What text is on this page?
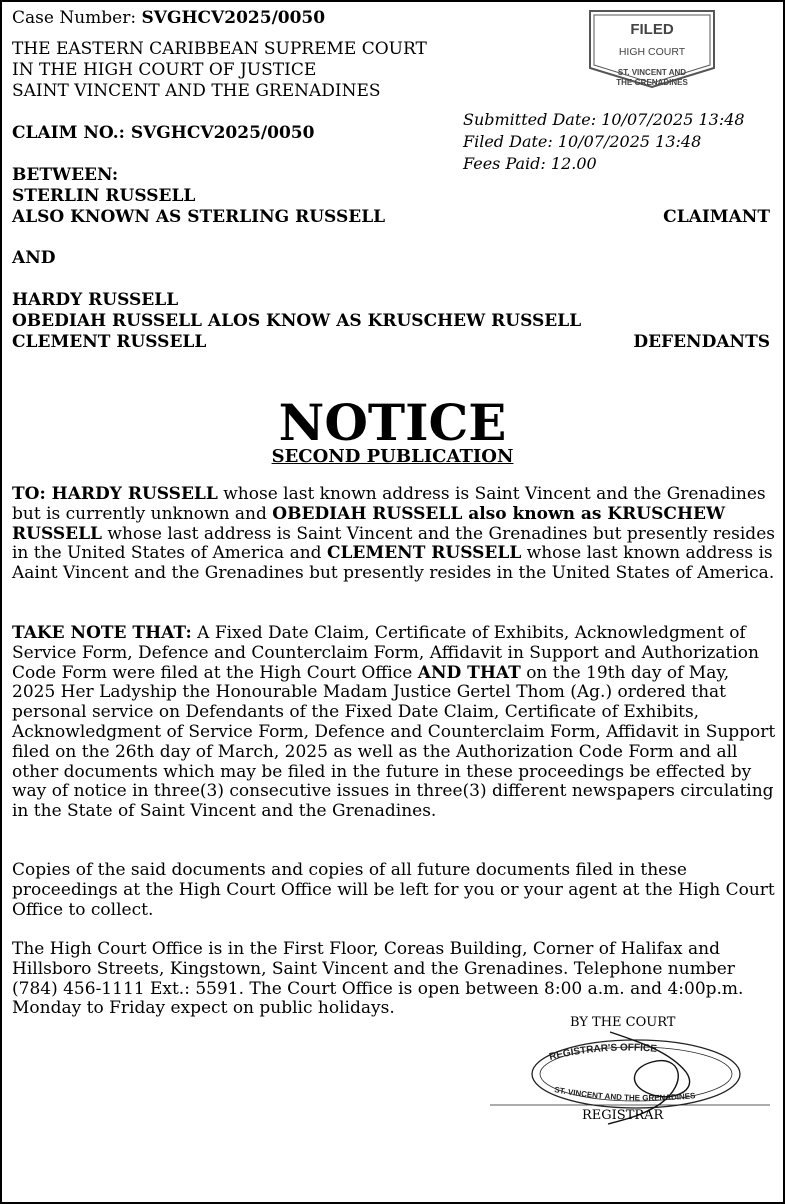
Case Number: SVGHCV2025/0050
THE EASTERN CARIBBEAN SUPREME COURT
IN THE HIGH COURT OF JUSTICE
SAINT VINCENT AND THE GRENADINES
CLAIM NO.: SVGHCV2025/0050
FILED
HIGH COURT
ST. VINCENT AND
THE GRENADINES
Submitted Date: 10/07/2025 13:48
Filed Date: 10/07/2025 13:48
Fees Paid: 12.00
BETWEEN:
STERLIN RUSSELL
ALSO KNOWN AS STERLING RUSSELL	CLAIMANT
AND
HARDY RUSSELL
OBEDIAH RUSSELL ALOS KNOW AS KRUSCHEW RUSSELL
CLEMENT RUSSELL	DEFENDANTS
NOTICE
SECOND PUBLICATION

TO: HARDY RUSSELL whose last known address is Saint Vincent and the Grenadines but is currently unknown and OBEDIAH RUSSELL also known as KRUSCHEW RUSSELL whose last address is Saint Vincent and the Grenadines but presently resides in the United States of America and CLEMENT RUSSELL whose last known address is Aaint Vincent and the Grenadines but presently resides in the United States of America.

TAKE NOTE THAT: A Fixed Date Claim, Certificate of Exhibits, Acknowledgment of Service Form, Defence and Counterclaim Form, Affidavit in Support and Authorization Code Form were filed at the High Court Office AND THAT on the 19th day of May, 2025 Her Ladyship the Honourable Madam Justice Gertel Thom (Ag.) ordered that personal service on Defendants of the Fixed Date Claim, Certificate of Exhibits, Acknowledgment of Service Form, Defence and Counterclaim Form, Affidavit in Support filed on the 26th day of March, 2025 as well as the Authorization Code Form and all other documents which may be filed in the future in these proceedings be effected by way of notice in three(3) consecutive issues in three(3) different newspapers circulating in the State of Saint Vincent and the Grenadines.

Copies of the said documents and copies of all future documents filed in these proceedings at the High Court Office will be left for you or your agent at the High Court Office to collect.

The High Court Office is in the First Floor, Coreas Building, Corner of Halifax and Hillsboro Streets, Kingstown, Saint Vincent and the Grenadines. Telephone number (784) 456-1111 Ext.: 5591. The Court Office is open between 8:00 a.m. and 4:00p.m. Monday to Friday expect on public holidays.

BY THE COURT
REGISTRAR'S OFFICE
ST. VINCENT AND THE GRENADINES
REGISTRAR
